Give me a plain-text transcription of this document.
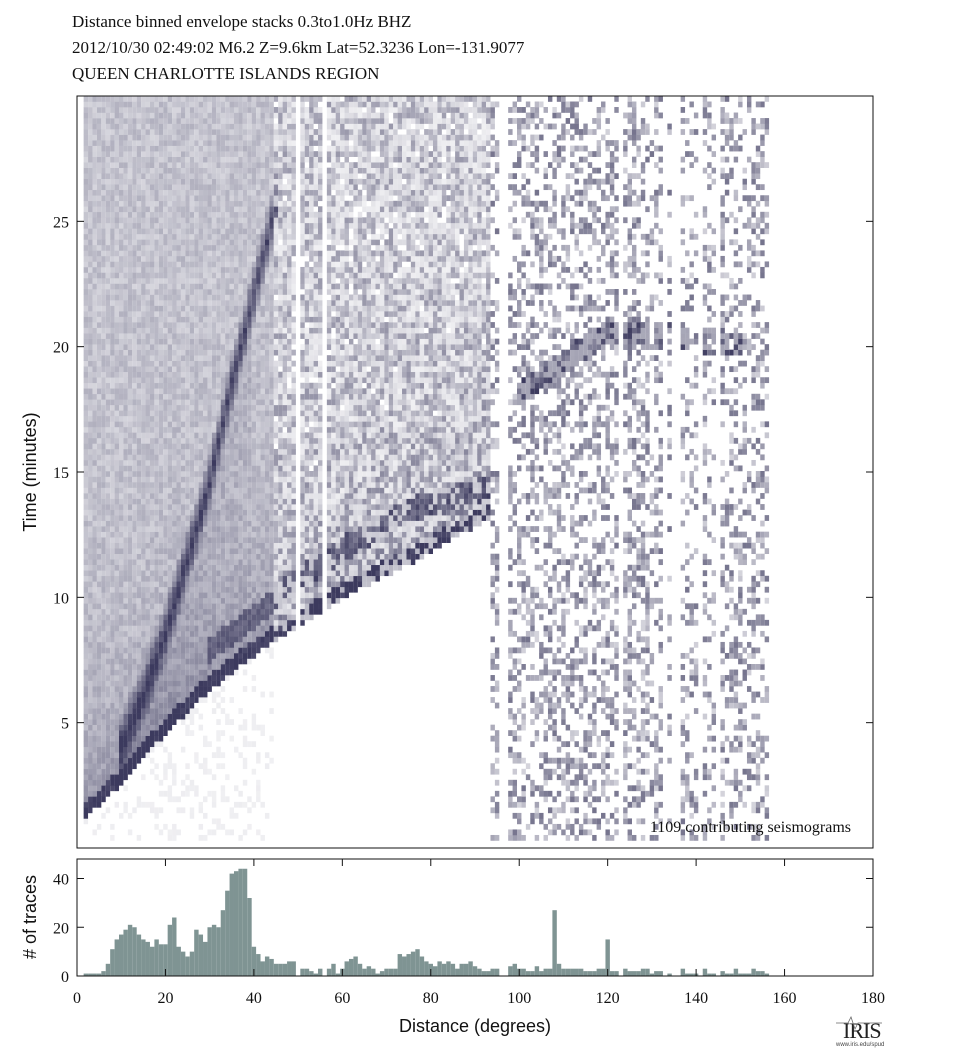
Distance binned envelope stacks 0.3to1.0Hz BHZ
2012/10/30 02:49:02 M6.2 Z=9.6km Lat=52.3236 Lon=-131.9077
QUEEN CHARLOTTE ISLANDS REGION
5
10
15
20
25
1109 contributing seismograms
Time (minutes)
0
20
40
0	20	40	60	80	100	120	140	160	180
# of traces
Distance (degrees)	IRIS
www.iris.edu/spud
